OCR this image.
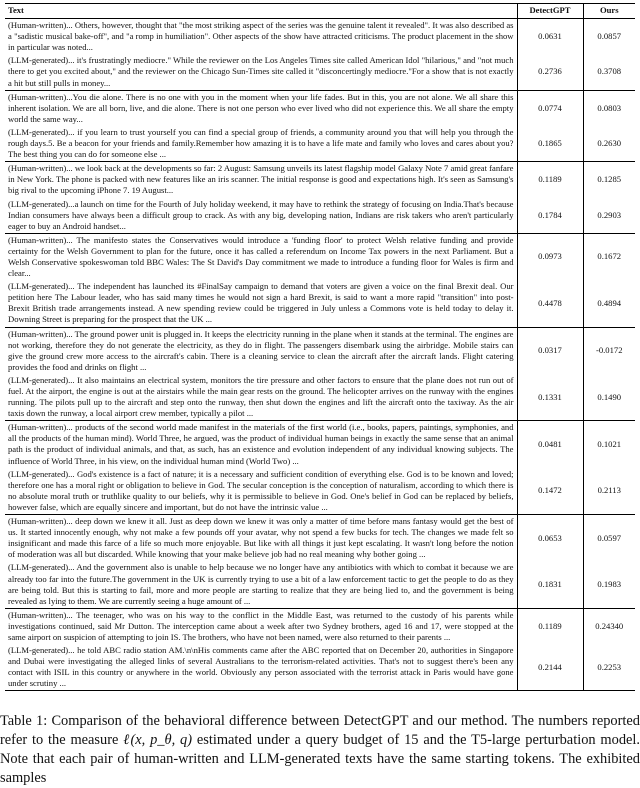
Text	DetectGPT	Ours
(Human-written)... Others, however, thought that "the most striking aspect of the series was the genuine talent it revealed". It was also described as a "sadistic musical bake-off", and "a romp in humiliation". Other aspects of the show have attracted criticisms. The product placement in the show in particular was noted...	0.0631	0.0857
(LLM-generated)... it's frustratingly mediocre." While the reviewer on the Los Angeles Times site called American Idol "hilarious," and "not much there to get you excited about," and the reviewer on the Chicago Sun-Times site called it "disconcertingly mediocre."For a show that is not exactly a hit but still pulls in money...	0.2736	0.3708
(Human-written)...You die alone. There is no one with you in the moment when your life fades. But in this, you are not alone. We all share this inherent isolation. We are all born, live, and die alone. There is not one person who ever lived who did not experience this. We all share the empty world the same way...	0.0774	0.0803
(LLM-generated)... if you learn to trust yourself you can find a special group of friends, a community around you that will help you through the rough days.5. Be a beacon for your friends and family.Remember how amazing it is to have a life mate and family who loves and cares about you? The best thing you can do for someone else ...	0.1865	0.2630
(Human-written)... we look back at the developments so far: 2 August: Samsung unveils its latest flagship model Galaxy Note 7 amid great fanfare in New York. The phone is packed with new features like an iris scanner. The initial response is good and expectations high. It's seen as Samsung's big rival to the upcoming iPhone 7. 19 August...	0.1189	0.1285
(LLM-generated)...a launch on time for the Fourth of July holiday weekend, it may have to rethink the strategy of focusing on India.That's because Indian consumers have always been a difficult group to crack. As with any big, developing nation, Indians are risk takers who aren't particularly eager to buy an Android handset...	0.1784	0.2903
(Human-written)... The manifesto states the Conservatives would introduce a 'funding floor' to protect Welsh relative funding and provide certainty for the Welsh Government to plan for the future, once it has called a referendum on Income Tax powers in the next Parliament. But a Welsh Conservative spokeswoman told BBC Wales: The St David's Day commitment we made to introduce a funding floor for Wales is firm and clear...	0.0973	0.1672
(LLM-generated)... The independent has launched its #FinalSay campaign to demand that voters are given a voice on the final Brexit deal. Our petition here The Labour leader, who has said many times he would not sign a hard Brexit, is said to want a more rapid "transition" into post-Brexit British trade arrangements instead. A new spending review could be triggered in July unless a Commons vote is held today to delay it. Downing Street is preparing for the prospect that the UK ...	0.4478	0.4894
(Human-written)... The ground power unit is plugged in. It keeps the electricity running in the plane when it stands at the terminal. The engines are not working, therefore they do not generate the electricity, as they do in flight. The passengers disembark using the airbridge. Mobile stairs can give the ground crew more access to the aircraft's cabin. There is a cleaning service to clean the aircraft after the aircraft lands. Flight catering provides the food and drinks on flight ...	0.0317	-0.0172
(LLM-generated)... It also maintains an electrical system, monitors the tire pressure and other factors to ensure that the plane does not run out of fuel. At the airport, the engine is out at the airstairs while the main gear rests on the ground. The helicopter arrives on the runway with the engines running. The pilots pull up to the aircraft and step onto the runway, then shut down the engines and lift the aircraft onto the taxiway. As the air taxis down the runway, a local airport crew member, typically a pilot ...	0.1331	0.1490
(Human-written)... products of the second world made manifest in the materials of the first world (i.e., books, papers, paintings, symphonies, and all the products of the human mind). World Three, he argued, was the product of individual human beings in exactly the same sense that an animal path is the product of individual animals, and that, as such, has an existence and evolution independent of any individual knowing subjects. The influence of World Three, in his view, on the individual human mind (World Two) ...	0.0481	0.1021
(LLM-generated)... God's existence is a fact of nature; it is a necessary and sufficient condition of everything else. God is to be known and loved; therefore one has a moral right or obligation to believe in God. The secular conception is the conception of naturalism, according to which there is no absolute moral truth or truthlike quality to our beliefs, why it is permissible to believe in God. One's belief in God can be replaced by beliefs, however false, which are equally sincere and important, but do not have the intrinsic value ...	0.1472	0.2113
(Human-written)... deep down we knew it all. Just as deep down we knew it was only a matter of time before mans fantasy would get the best of us. It started innocently enough, why not make a few pounds off your avatar, why not spend a few bucks for tech. The changes we made felt so insignificant and made this farce of a life so much more enjoyable. But like with all things it just kept escalating. It wasn't long before the notion of moderation was all but discarded. While knowing that your make believe job had no real meaning why bother going ...	0.0653	0.0597
(LLM-generated)... And the government also is unable to help because we no longer have any antibiotics with which to combat it because we are already too far into the future.The government in the UK is currently trying to use a bit of a law enforcement tactic to get the people to do as they are being told. But this is starting to fail, more and more people are starting to realize that they are being lied to, and the government is being revealed as lying to them. We are currently seeing a huge amount of ...	0.1831	0.1983
(Human-written)... The teenager, who was on his way to the conflict in the Middle East, was returned to the custody of his parents while investigations continued, said Mr Dutton. The interception came about a week after two Sydney brothers, aged 16 and 17, were stopped at the same airport on suspicion of attempting to join IS. The brothers, who have not been named, were also returned to their parents ...	0.1189	0.24340
(LLM-generated)... he told ABC radio station AM.\n\nHis comments came after the ABC reported that on December 20, authorities in Singapore and Dubai were investigating the alleged links of several Australians to the terrorism-related activities. That's not to suggest there's been any contact with ISIL in this country or anywhere in the world. Obviously any person associated with the terrorist attack in Paris would have gone under scrutiny ...	0.2144	0.2253
Table 1: Comparison of the behavioral difference between DetectGPT and our method. The numbers reported refer to the measure ℓ(x, p_θ, q) estimated under a query budget of 15 and the T5-large perturbation model. Note that each pair of human-written and LLM-generated texts have the same starting tokens. The exhibited samples
